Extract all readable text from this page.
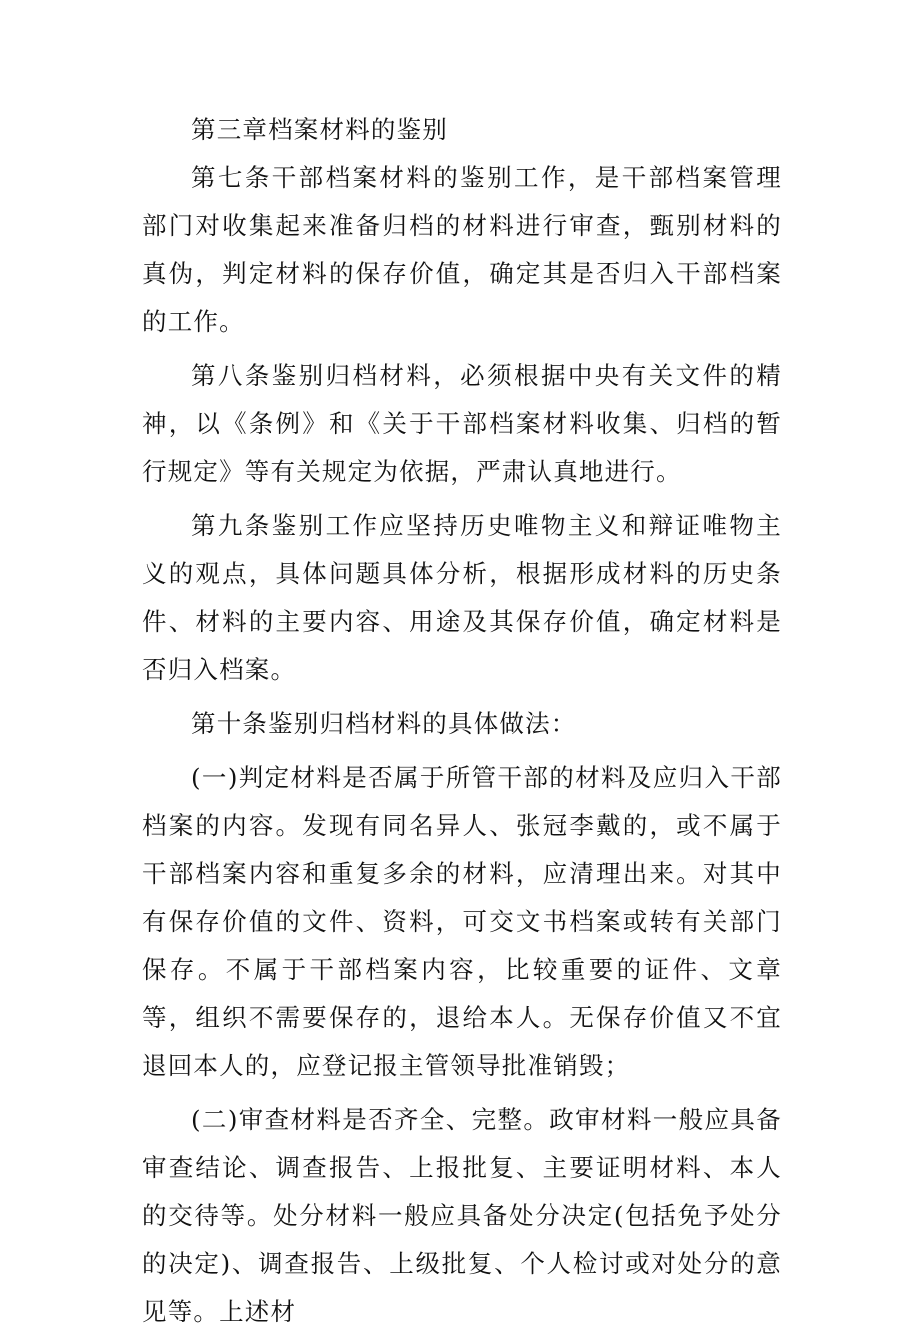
第三章档案材料的鉴别

第七条干部档案材料的鉴别工作，是干部档案管理部门对收集起来准备归档的材料进行审查，甄别材料的真伪，判定材料的保存价值，确定其是否归入干部档案的工作。

第八条鉴别归档材料，必须根据中央有关文件的精神，以《条例》和《关于干部档案材料收集、归档的暂行规定》等有关规定为依据，严肃认真地进行。

第九条鉴别工作应坚持历史唯物主义和辩证唯物主义的观点，具体问题具体分析，根据形成材料的历史条件、材料的主要内容、用途及其保存价值，确定材料是否归入档案。

第十条鉴别归档材料的具体做法：

(一)判定材料是否属于所管干部的材料及应归入干部档案的内容。发现有同名异人、张冠李戴的，或不属于干部档案内容和重复多余的材料，应清理出来。对其中有保存价值的文件、资料，可交文书档案或转有关部门保存。不属于干部档案内容，比较重要的证件、文章等，组织不需要保存的，退给本人。无保存价值又不宜退回本人的，应登记报主管领导批准销毁；

(二)审查材料是否齐全、完整。政审材料一般应具备审查结论、调查报告、上报批复、主要证明材料、本人的交待等。处分材料一般应具备处分决定(包括免予处分的决定)、调查报告、上级批复、个人检讨或对处分的意见等。上述材
